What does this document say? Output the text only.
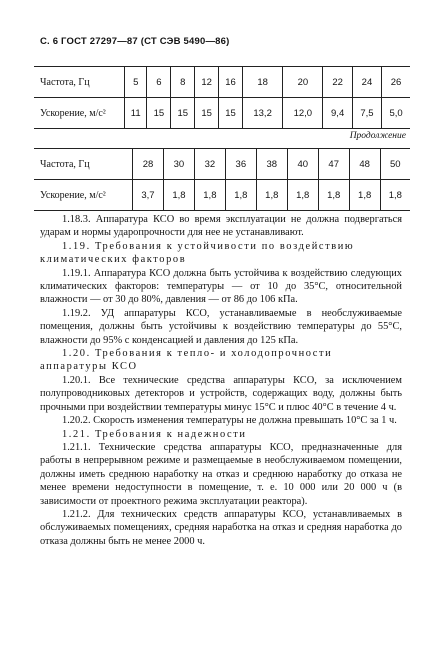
С. 6 ГОСТ 27297—87 (СТ СЭВ 5490—86)
Частота, Гц	5	6	8	12	16	18	20	22	24	26
Ускорение, м/с²	11	15	15	15	15	13,2	12,0	9,4	7,5	5,0
Продолжение
Частота, Гц	28	30	32	36	38	40	47	48	50
Ускорение, м/с²	3,7	1,8	1,8	1,8	1,8	1,8	1,8	1,8	1,8

1.18.3. Аппаратура КСО во время эксплуатации не должна подвергаться ударам и нормы ударопрочности для нее не устанавливают.

1.19. Требования к устойчивости по воздействию климатических факторов

1.19.1. Аппаратура КСО должна быть устойчива к воздействию следующих климатических факторов: температуры — от 10 до 35°С, относительной влажности — от 30 до 80%, давления — от 86 до 106 кПа.

1.19.2. УД аппаратуры КСО, устанавливаемые в необслуживаемые помещения, должны быть устойчивы к воздействию температуры до 55°С, влажности до 95% с конденсацией и давления до 125 кПа.

1.20. Требования к тепло- и холодопрочности аппаратуры КСО

1.20.1. Все технические средства аппаратуры КСО, за исключением полупроводниковых детекторов и устройств, содержащих воду, должны быть прочными при воздействии температуры минус 15°С и плюс 40°С в течение 4 ч.

1.20.2. Скорость изменения температуры не должна превышать 10°С за 1 ч.

1.21. Требования к надежности

1.21.1. Технические средства аппаратуры КСО, предназначенные для работы в непрерывном режиме и размещаемые в необслуживаемом помещении, должны иметь среднюю наработку на отказ и среднюю наработку до отказа не менее времени недоступности в помещение, т. е. 10 000 или 20 000 ч (в зависимости от проектного режима эксплуатации реактора).

1.21.2. Для технических средств аппаратуры КСО, устанавливаемых в обслуживаемых помещениях, средняя наработка на отказ и средняя наработка до отказа должны быть не менее 2000 ч.
